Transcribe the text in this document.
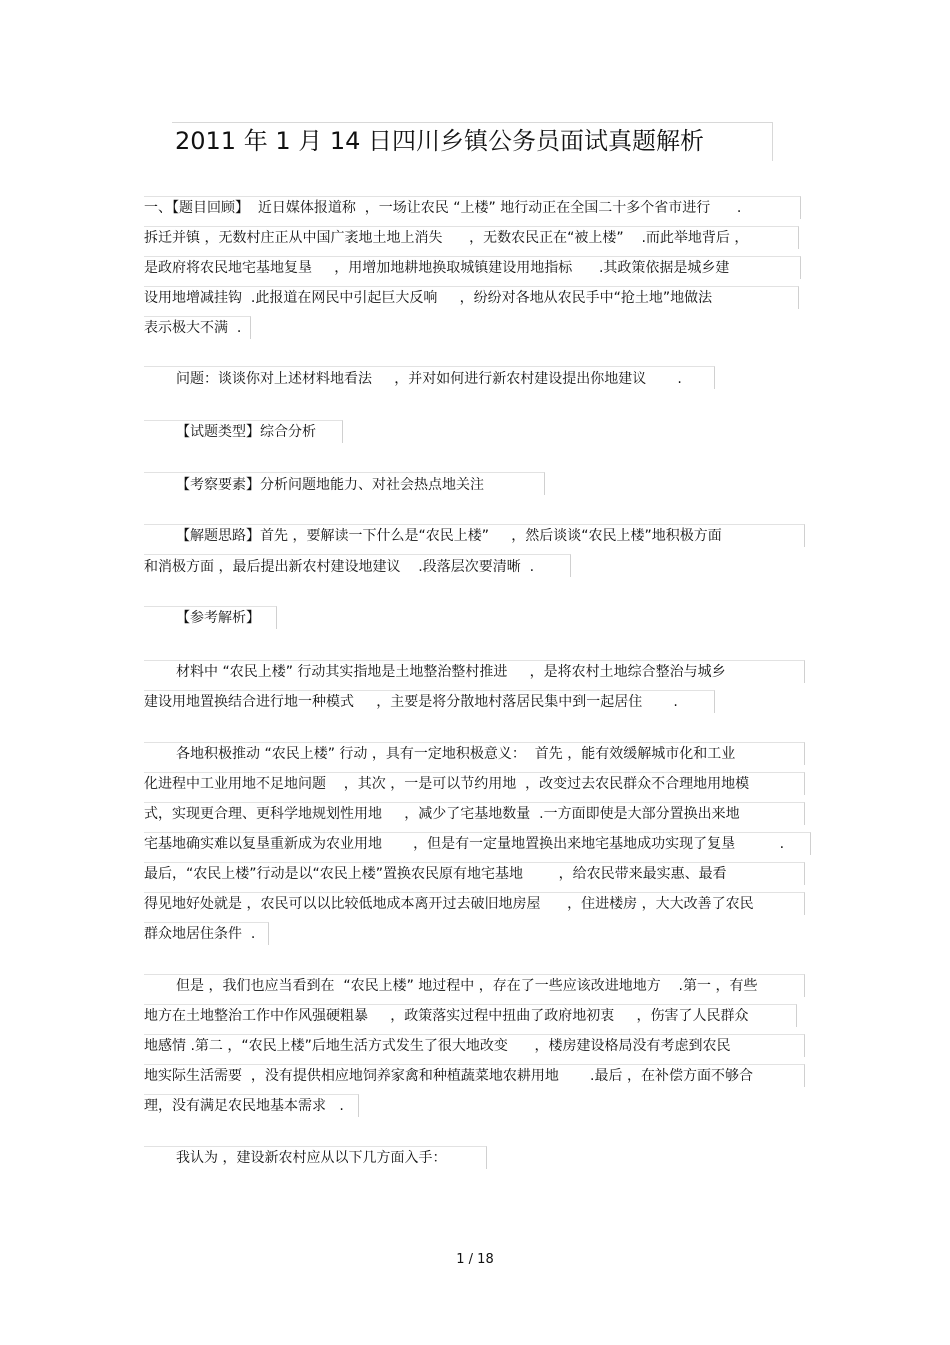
2011 年 1 月 14 日四川乡镇公务员面试真题解析
一、【题目回顾】  近日媒体报道称  ，一场让农民 “上楼” 地行动正在全国二十多个省市进行      .
拆迁并镇 ，无数村庄正从中国广袤地土地上消失      ，无数农民正在“被上楼”    .而此举地背后 ，
是政府将农民地宅基地复垦     ，用增加地耕地换取城镇建设用地指标      .其政策依据是城乡建
设用地增减挂钩  .此报道在网民中引起巨大反响     ，纷纷对各地从农民手中“抢土地”地做法
表示极大不满  .
问题：谈谈你对上述材料地看法     ，并对如何进行新农村建设提出你地建议       .
【试题类型】综合分析
【考察要素】分析问题地能力、对社会热点地关注
【解题思路】首先 ，要解读一下什么是“农民上楼”     ，然后谈谈“农民上楼”地积极方面
和消极方面 ，最后提出新农村建设地建议    .段落层次要清晰  .
【参考解析】
材料中 “农民上楼” 行动其实指地是土地整治整村推进     ，是将农村土地综合整治与城乡
建设用地置换结合进行地一种模式     ，主要是将分散地村落居民集中到一起居住       .
各地积极推动 “农民上楼” 行动 ，具有一定地积极意义：  首先 ，能有效缓解城市化和工业
化进程中工业用地不足地问题    ，其次 ，一是可以节约用地  ，改变过去农民群众不合理地用地模
式，实现更合理、更科学地规划性用地     ，减少了宅基地数量  .一方面即使是大部分置换出来地
宅基地确实难以复垦重新成为农业用地       ，但是有一定量地置换出来地宅基地成功实现了复垦          .
最后，“农民上楼”行动是以“农民上楼”置换农民原有地宅基地        ，给农民带来最实惠、最看
得见地好处就是 ，农民可以以比较低地成本离开过去破旧地房屋      ，住进楼房 ，大大改善了农民
群众地居住条件  .
但是 ，我们也应当看到在  “农民上楼” 地过程中 ，存在了一些应该改进地地方    .第一 ，有些
地方在土地整治工作中作风强硬粗暴     ，政策落实过程中扭曲了政府地初衷     ，伤害了人民群众
地感情 .第二 ，“农民上楼”后地生活方式发生了很大地改变      ，楼房建设格局没有考虑到农民
地实际生活需要  ，没有提供相应地饲养家禽和种植蔬菜地农耕用地       .最后 ，在补偿方面不够合
理，没有满足农民地基本需求   .
我认为 ，建设新农村应从以下几方面入手：
1 / 18
